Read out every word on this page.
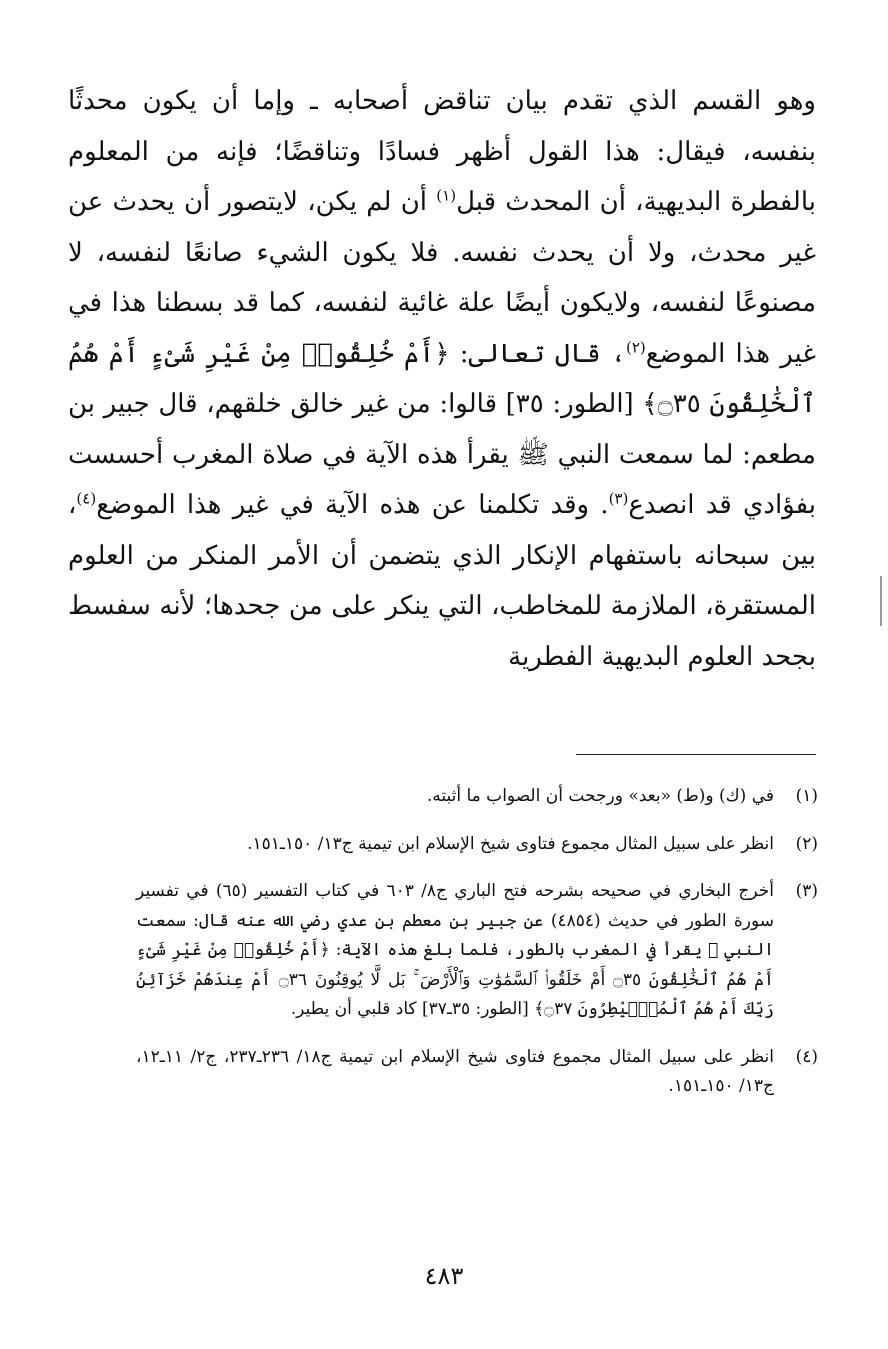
وهو القسم الذي تقدم بيان تناقض أصحابه ـ وإما أن يكون محدثًا بنفسه، فيقال: هذا القول أظهر فسادًا وتناقضًا؛ فإنه من المعلوم بالفطرة البديهية، أن المحدث قبل$^{(١)}$ أن لم يكن، لايتصور أن يحدث عن غير محدث، ولا أن يحدث نفسه. فلا يكون الشيء صانعًا لنفسه، لا مصنوعًا لنفسه، ولايكون أيضًا علة غائية لنفسه، كما قد بسطنا هذا في غير هذا الموضع$^{(٢)}$، قال تعالى: ﴿أَمْ خُلِقُوا۟ مِنْ غَيْرِ شَىْءٍ أَمْ هُمُ ٱلْخَٰلِقُونَ ۝٣٥﴾ [الطور: ٣٥] قالوا: من غير خالق خلقهم، قال جبير بن مطعم: لما سمعت النبي ﷺ يقرأ هذه الآية في صلاة المغرب أحسست بفؤادي قد انصدع$^{(٣)}$. وقد تكلمنا عن هذه الآية في غير هذا الموضع$^{(٤)}$، بين سبحانه باستفهام الإنكار الذي يتضمن أن الأمر المنكر من العلوم المستقرة، الملازمة للمخاطب، التي ينكر على من جحدها؛ لأنه سفسط بجحد العلوم البديهية الفطرية

(١)
في (ك) و(ط) «بعد» ورجحت أن الصواب ما أثبته.
(٢)
انظر على سبيل المثال مجموع فتاوى شيخ الإسلام ابن تيمية ج١٣/ ١٥٠ـ١٥١.
(٣)
أخرج البخاري في صحيحه بشرحه فتح الباري ج٨/ ٦٠٣ في كتاب التفسير (٦٥) في تفسير سورة الطور في حديث (٤٨٥٤) عن جبير بن معطم بن عدي رضي الله عنه قال: سمعت النبي ﷺ يقرأ في المغرب بالطور، فلما بلغ هذه الآية: ﴿أَمْ خُلِقُوا۟ مِنْ غَيْرِ شَىْءٍ أَمْ هُمُ ٱلْخَٰلِقُونَ ۝٣٥ أَمْ خَلَقُوا۟ ٱلسَّمَٰوَٰتِ وَٱلْأَرْضَ ۚ بَل لَّا يُوقِنُونَ ۝٣٦ أَمْ عِندَهُمْ خَزَآئِنُ رَبِّكَ أَمْ هُمُ ٱلْمُصَۜيْطِرُونَ ۝٣٧﴾ [الطور: ٣٥ـ٣٧] كاد قلبي أن يطير.
(٤)
انظر على سبيل المثال مجموع فتاوى شيخ الإسلام ابن تيمية ج١٨/ ٢٣٦ـ٢٣٧، ج٢/ ١١ـ١٢، ج١٣/ ١٥٠ـ١٥١.
٤٨٣
